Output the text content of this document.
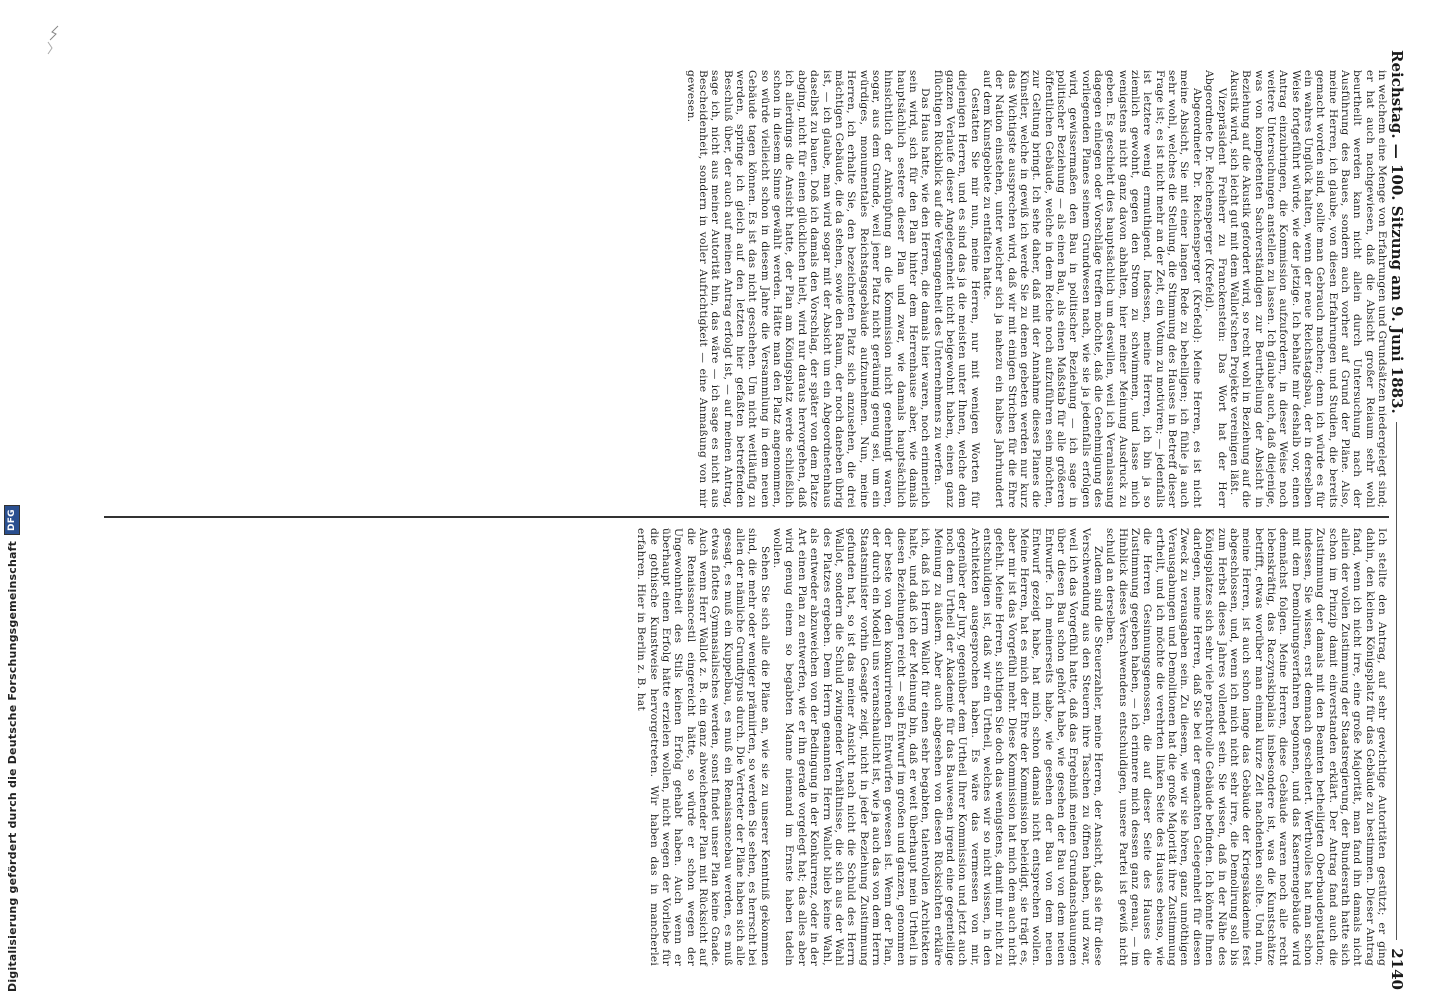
Digitalisierung gefördert durch die Deutsche Forschungsgemeinschaft
DFG
Reichstag. — 100. Sitzung am 9. Juni 1883.
2140

in welchem eine Menge von Erfahrungen und Grundsätzen niedergelegt sind; er hat auch nachgewiesen, daß die Absicht großer Reiaum sehr wohl beurtheilt werden kann nicht allein durch Untersuchung nach der Ausführung des Baues, sondern auch vorher auf Grund der Pläne. Also, meine Herren, ich glaube, von diesen Erfahrungen und Studien, die bereits gemacht worden sind, sollte man Gebrauch machen; denn ich würde es für ein wahres Unglück halten, wenn der neue Reichstagsbau, der in derselben Weise fortgeführt würde, wie der jetzige. Ich behalte mir deshalb vor, einen Antrag einzubringen, die Kommission aufzufordern, in dieser Weise noch weitere Untersuchungen anstellen zu lassen. Ich glaube auch, daß diejenige, was von kompetenten Sachverständigen zur Beurtheilung der Absicht in Beziehung auf die Akustik gefordert wird, so recht wohl in Beziehung auf die Akustik wird, sich leicht gut mit dem Wallot'schen Projekte vereinigen läßt.

Vizepräsident Freiherr zu Franckenstein: Das Wort hat der Herr Abgeordnete Dr. Reichensperger (Krefeld).

Abgeordneter Dr. Reichensperger (Krefeld): Meine Herren, es ist nicht meine Absicht, Sie mit einer langen Rede zu behelligen; ich fühle ja auch sehr wohl, welches die Stellung, die Stimmung des Hauses in Betreff dieser Frage ist; es ist nicht mehr an der Zeit, ein Votum zu motiviren; — jedenfalls ist letztere wenig ermuthigend. Indessen, meine Herren, ich bin ja so ziemlich gewohnt, gegen den Strom zu schwimmen, und lasse mich wenigstens nicht ganz davon abhalten, hier meiner Meinung Ausdruck zu geben. Es geschieht dies hauptsächlich um deswillen, weil ich Veranlassung dagegen einlegen oder Vorschläge treffen möchte, daß die Genehmigung des vorliegenden Planes seinem Grundwesen nach, wie sie ja jedenfalls erfolgen wird, gewissermaßen den Bau in politischer Beziehung — ich sage in politischer Beziehung — als einen Bau, als einen Maßstab für alle größeren öffentlichen Gebäude, welche in dem Reiche noch aufzuführen sein möchten, zur Geltung bringt. Ich sehe daher, daß mit der Annahme dieses Planes die Künstler, welche in gewiß ich werde Sie zu denen gebeten werden nur kurz das Wichtigste aussprechen wird, daß wir mit einigen Strichen für die Ehre der Nation einstehen, unter welcher sich ja nahezu ein halbes Jahrhundert auf dem Kunstgebiete zu entfalten hatte.

Gestatten Sie mir nun, meine Herren, nur mit wenigen Worten für diejenigen Herren, und es sind das ja die meisten unter Ihnen, welche dem ganzen Verlaufe dieser Angelegenheit nicht beigewohnt haben, einen ganz flüchtigen Rückblick auf die Vergangenheit des Unternehmens zu werfen.

Das Haus hatte, wie den Herren, die damals hier waren, noch erinnerlich sein wird, sich für den Plan hinter dem Herrenhause aber, wie damals hauptsächlich sestere dieser Plan und zwar, wie damals hauptsächlich hinsichtlich der Anknüpfung an die Kommission nicht genehmigt waren, sogar, aus dem Grunde, weil jener Platz nicht geräumig genug sei, um ein würdiges, monumentales Reichstagsgebäude aufzunehmen. Nun, meine Herren, ich erhalte Sie, den bezeichneten Platz sich anzusehen, die drei mächtigen Gebäude, die da stehen, sowie den Raum, der noch daneben übrig ist, — ich glaube, man wird sogar mit der Absicht um ein Abgeordnetenhaus daselbst zu bauen. Doß ich damals den Vorschlag, der später von dem Platze abging, nicht für einen glücklichen hielt, wird nur daraus hervorgehen, daß ich allerdings die Ansicht hatte, der Plan am Königsplatz werde schließlich schon in diesem Sinne gewählt werden. Hätte man den Platz angenommen, so würde vielleicht schon in diesem Jahre die Versammlung in dem neuen Gebäude tagen können. Es ist das nicht geschehen. Um nicht weitläufig zu werden, springe ich gleich auf den letzten hier gefaßten betreffenden Beschluß über, der auch auf meinen Antrag erfolgt ist, — auf meinen Antrag, sage ich, nicht aus meiner Autorität hin, das wäre — ich sage es nicht aus Bescheidenheit, sondern in voller Aufrichtigkeit — eine Anmaßung von mir gewesen.

Ich stellte den Antrag, auf sehr gewichtige Autoritäten gestützt; er ging dahin, den kleinen Königsplatz für das Gebäude zu bestimmen. Dieser Antrag fand, wenn ich nicht irre, eine große Majorität, man fand ihn damals nicht allein der vollen Zustimmung der Staatsregierung, der Bundesrath hatte sich schon im Prinzip damit einverstanden erklärt. Der Antrag fand auch die Zustimmung der damals mit den Beamten betheiligten Oberbaudeputation; indessen, Sie wissen, erst demnach gescheitert. Werthvolles hat man schon mit dem Demolirungsverfahren begonnen, und das Kasernengebäude wird demnächst folgen. Meine Herren, diese Gebäude waren noch alle recht lebenskräftig, das Raczynskipalais insbesondere ist, was die Kunstschätze betrifft, etwas worüber man einmal kurze Zeit nachdenken sollte. Und nun, meine Herren, ist auch schon lange das Gebäude der Kriegsakademie fest abgeschlossen, und, wenn ich mich nicht sehr irre, die Demolirung soll bis zum Herbst dieses Jahres vollendet sein. Sie wissen, daß in der Nähe des Königsplatzes sich sehr viele prachtvolle Gebäude befinden. Ich könnte Ihnen darlegen, meine Herren, daß Sie bei der gemachten Gelegenheit für diesen Zweck zu verausgaben sein. Zu diesem, wie wir sie hören, ganz unnöthigen Verausgabungen und Demolitionen hat die große Majorität ihre Zustimmung ertheilt, und ich möchte die verehrten linken Seite des Hauses ebenso, wie die Herren Gesinnungsgenossen, die auf dieser Seite des Hauses die Zustimmung gegeben haben, — ich erinnere mich dessen ganz genau, — im Hinblick dieses Verschwendens entschuldigen, unsere Partei ist gewiß nicht schuld an derselben.

Zudem sind die Steuerzahler, meine Herren, der Ansicht, daß sie für diese Verschwendung aus den Steuern ihre Taschen zu öffnen haben, und zwar, weil ich das Vorgefühl hatte, daß das Ergebniß meinen Grundanschauungen über diesen Bau schon gehört habe, wie gesehen der Bau von dem neuen Entwurfe. Ich meinerseits habe, wie gesehen der Bau von dem neuen Entwurf gezeigt habe, hat mich schon damals nicht entsprechen wollen. Meine Herren, hat es mich der Ehre der Kommission beleidigt, sie trägt es, aber mir ist das Vorgefühl mehr. Diese Kommission hat mich dem auch nicht gefehlt. Meine Herren, sichtigen Sie doch das wenigstens, damit mir nicht zu entschuldigen ist, daß wir ein Urtheil, welches wir so nicht wissen, in den Architekten ausgesprochen haben. Es wäre das vermessen von mir, gegenüber der Jury, gegenüber dem Urtheil Ihrer Kommission und jetzt auch noch dem Urtheil der Akademie für das Bauwesen irgend eine gegenteilige Meinung zu äußern. Aber auch abgesehen von diesen Rücksichten erkläre ich, daß ich Herrn Wallot für einen sehr begabten, talentvollen Architekten halte, und daß ich der Meinung bin, daß er weit überhaupt mein Urtheil in diesen Beziehungen reicht — sein Entwurf im großen und ganzen, genommen der beste von den konkurrirenden Entwürfen gewesen ist. Wenn der Plan, der durch ein Modell uns veranschaulicht ist, wie ja auch das von dem Herrn Staatsminister vorhin Gesagte zeigt, nicht in jeder Beziehung Zustimmung gefunden hat, so ist das meiner Ansicht nach nicht die Schuld des Herrn Wallot, sondern die Schuld zwingender Verhältnisse, die sich aus der Wahl des Platzes ergeben. Dem Herrn genannten Herrn Wallot blieb keine Wahl, als entweder abzuweichen von der Bedingung in der Konkurrenz, oder in der Art einen Plan zu entwerfen, wie er ihn gerade vorgelegt hat; das alles aber wird genug einem so begabten Manne niemand im Ernste haben tadeln wollen.

Sehen Sie sich alle die Pläne an, wie sie zu unserer Kenntniß gekommen sind, die mehr oder weniger prämiirten, so werden Sie sehen, es herrscht bei allen der nämliche Grundtypus durch. Die Vertreter der Pläne haben sich alle gesagt, es muß ein Kuppelbau, es muß ein Renaissancebau werden, es muß etwas flottes Gymnasialisches werden, sonst findet unser Plan keine Gnade. Auch wenn Herr Wallot z. B. ein ganz abweichender Plan mit Rücksicht auf die Renaissancestil eingereicht hätte, so würde er schon wegen der Ungewohntheit des Stils keinen Erfolg gehabt haben. Auch wenn er überhaupt einen Erfolg hätte erzielen wollen, nicht wegen der Vorliebe für die gothische Kunstweise hervorgetreten. Wir haben das in mancherlei erfahren. Hier in Berlin z. B. hat
